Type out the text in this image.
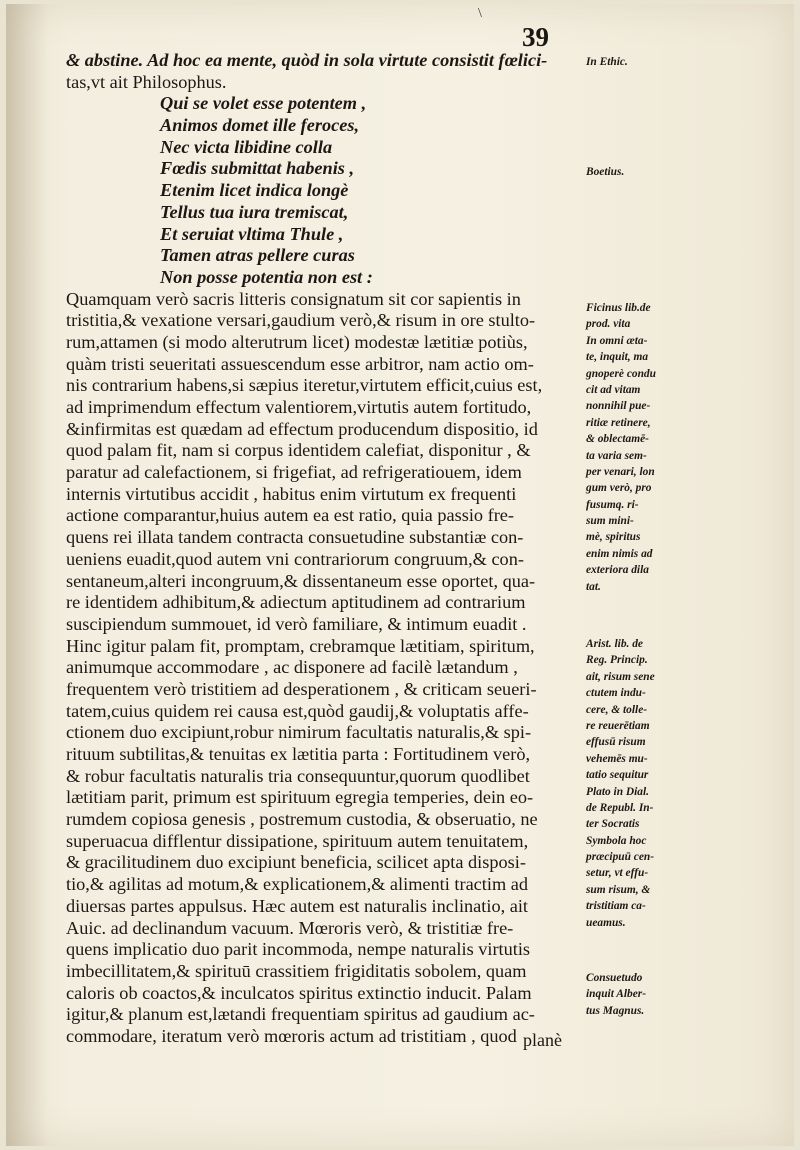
\
39
& abstine. Ad hoc ea mente, quòd in sola virtute consistit fœlici-
tas,vt ait Philosophus.
Qui se volet esse potentem ,
Animos domet ille feroces,
Nec victa libidine colla
Fœdis submittat habenis ,
Etenim licet indica longè
Tellus tua iura tremiscat,
Et seruiat vltima Thule ,
Tamen atras pellere curas
Non posse potentia non est :
Quamquam verò sacris litteris consignatum sit cor sapientis in
tristitia,& vexatione versari,gaudium verò,& risum in ore stulto-
rum,attamen (si modo alterutrum licet) modestæ lætitiæ potiùs,
quàm tristi seueritati assuescendum esse arbitror, nam actio om-
nis contrarium habens,si sæpius iteretur,virtutem efficit,cuius est,
ad imprimendum effectum valentiorem,virtutis autem fortitudo,
&infirmitas est quædam ad effectum producendum dispositio, id
quod palam fit, nam si corpus identidem calefiat, disponitur , &
paratur ad calefactionem, si frigefiat, ad refrigeratiouem, idem
internis virtutibus accidit , habitus enim virtutum ex frequenti
actione comparantur,huius autem ea est ratio, quia passio fre-
quens rei illata tandem contracta consuetudine substantiæ con-
ueniens euadit,quod autem vni contrariorum congruum,& con-
sentaneum,alteri incongruum,& dissentaneum esse oportet, qua-
re identidem adhibitum,& adiectum aptitudinem ad contrarium
suscipiendum summouet, id verò familiare, & intimum euadit .
Hinc igitur palam fit, promptam, crebramque lætitiam, spiritum,
animumque accommodare , ac disponere ad facilè lætandum ,
frequentem verò tristitiem ad desperationem , & criticam seueri-
tatem,cuius quidem rei causa est,quòd gaudij,& voluptatis affe-
ctionem duo excipiunt,robur nimirum facultatis naturalis,& spi-
rituum subtilitas,& tenuitas ex lætitia parta : Fortitudinem verò,
& robur facultatis naturalis tria consequuntur,quorum quodlibet
lætitiam parit, primum est spirituum egregia temperies, dein eo-
rumdem copiosa genesis , postremum custodia, & obseruatio, ne
superuacua difflentur dissipatione, spirituum autem tenuitatem,
& gracilitudinem duo excipiunt beneficia, scilicet apta disposi-
tio,& agilitas ad motum,& explicationem,& alimenti tractim ad
diuersas partes appulsus. Hæc autem est naturalis inclinatio, ait
Auic. ad declinandum vacuum. Mœroris verò, & tristitiæ fre-
quens implicatio duo parit incommoda, nempe naturalis virtutis
imbecillitatem,& spirituū crassitiem frigiditatis sobolem, quam
caloris ob coactos,& inculcatos spiritus extinctio inducit. Palam
igitur,& planum est,lætandi frequentiam spiritus ad gaudium ac-
commodare, iteratum verò mœroris actum ad tristitiam , quod
In Ethic.
Boetius.
Ficinus lib.de
prod. vita
In omni æta-
te, inquit, ma
gnoperè condu
cit ad vitam
nonnihil pue-
ritiæ retinere,
& oblectamē-
ta varia sem-
per venari, lon
gum verò, pro
fusumq. ri-
sum mini-
mè, spiritus
enim nimis ad
exteriora dila
tat.
Arist. lib. de
Reg. Princip.
ait, risum sene
ctutem indu-
cere, & tolle-
re reuerētiam
effusū risum
vehemēs mu-
tatio sequitur
Plato in Dial.
de Republ. In-
ter Socratis
Symbola hoc
præcipuū cen-
setur, vt effu-
sum risum, &
tristitiam ca-
ueamus.
Consuetudo
inquit Alber-
tus Magnus.
planè
